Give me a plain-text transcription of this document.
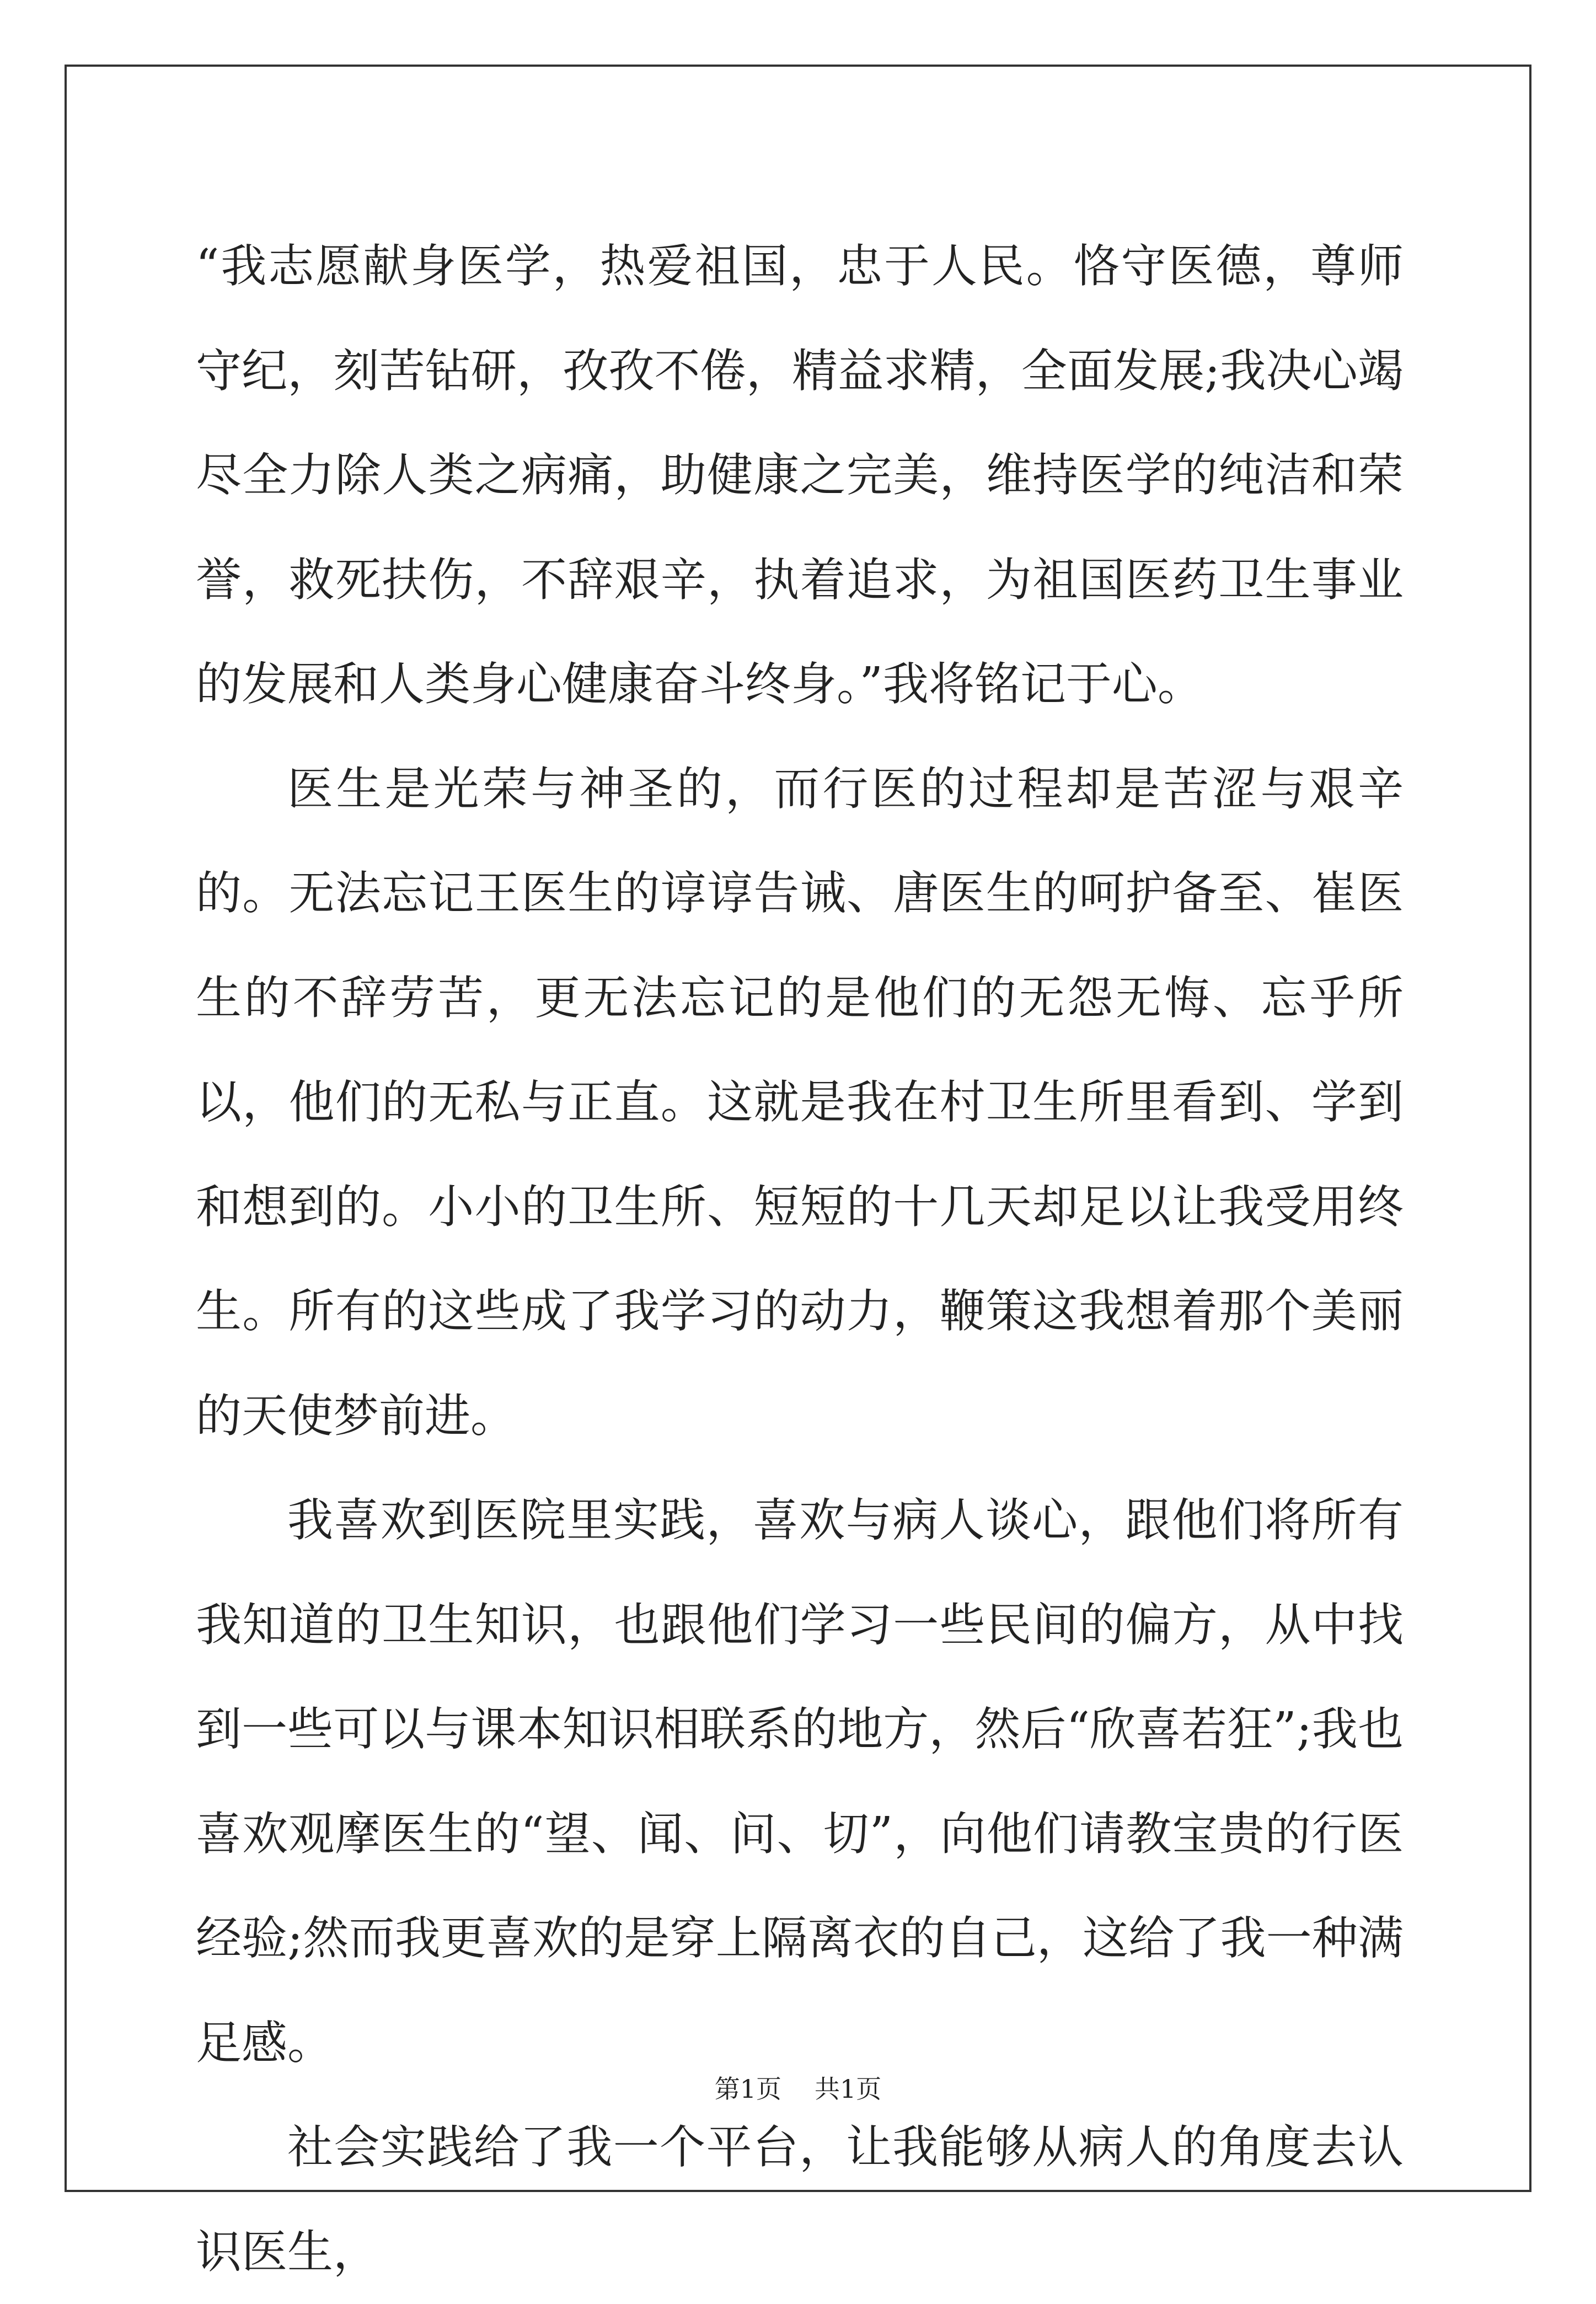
“我志愿献身医学，热爱祖国，忠于人民。恪守医德，尊师守纪，刻苦钻研，孜孜不倦，精益求精，全面发展;我决心竭尽全力除人类之病痛，助健康之完美，维持医学的纯洁和荣誉，救死扶伤，不辞艰辛，执着追求，为祖国医药卫生事业的发展和人类身心健康奋斗终身。”我将铭记于心。

医生是光荣与神圣的，而行医的过程却是苦涩与艰辛的。无法忘记王医生的谆谆告诫、唐医生的呵护备至、崔医生的不辞劳苦，更无法忘记的是他们的无怨无悔、忘乎所以，他们的无私与正直。这就是我在村卫生所里看到、学到和想到的。小小的卫生所、短短的十几天却足以让我受用终生。所有的这些成了我学习的动力，鞭策这我想着那个美丽的天使梦前进。

我喜欢到医院里实践，喜欢与病人谈心，跟他们将所有我知道的卫生知识，也跟他们学习一些民间的偏方，从中找到一些可以与课本知识相联系的地方，然后“欣喜若狂”;我也喜欢观摩医生的“望、闻、问、切”，向他们请教宝贵的行医经验;然而我更喜欢的是穿上隔离衣的自己，这给了我一种满足感。

社会实践给了我一个平台，让我能够从病人的角度去认识医生，

第1页 共1页
